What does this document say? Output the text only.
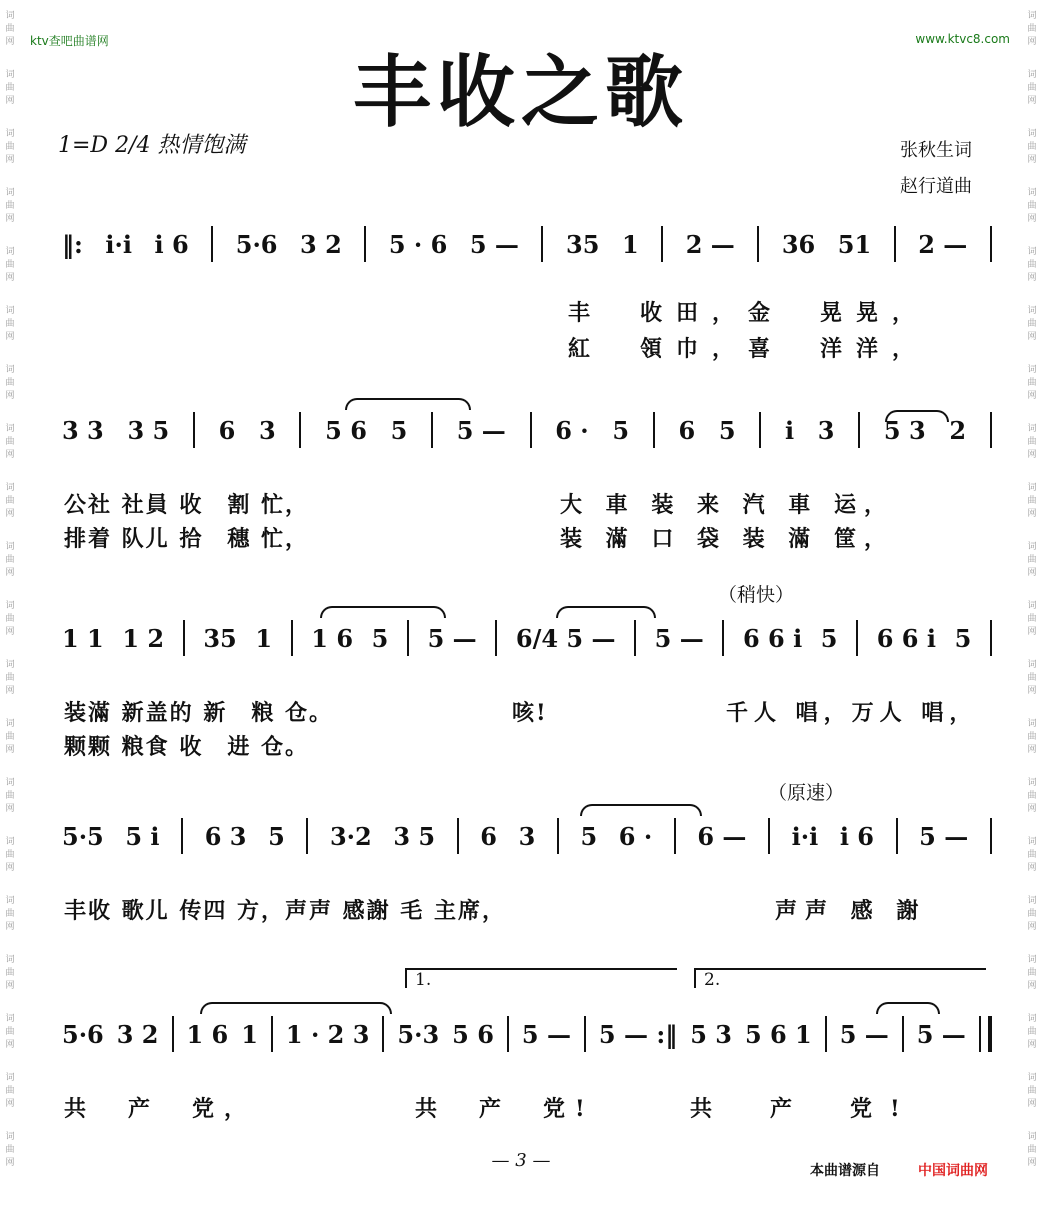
词
曲
网
词
曲
网
词
曲
网
词
曲
网
词
曲
网
词
曲
网
词
曲
网
词
曲
网
词
曲
网
词
曲
网
词
曲
网
词
曲
网
词
曲
网
词
曲
网
词
曲
网
词
曲
网
词
曲
网
词
曲
网
词
曲
网
词
曲
网
词
曲
网
词
曲
网
词
曲
网
词
曲
网
词
曲
网
词
曲
网
词
曲
网
词
曲
网
词
曲
网
词
曲
网
词
曲
网
词
曲
网
词
曲
网
词
曲
网
词
曲
网
词
曲
网
词
曲
网
词
曲
网
词
曲
网
词
曲
网
ktv查吧曲谱网	www.ktvc8.com
丰收之歌
1=D 2/4 热情饱满	张秋生词
赵行道曲
‖: i·i i 6 5·6 3 2 5 · 6 5 — 35 1 2 — 36 51 2 —
丰　收田，金　晃晃，
紅　領巾，喜　洋洋，
3 3 3 5 6 3 5 6 5 5 — 6 · 5 6 5 i 3 5 3 2
公社 社員 收　割 忙，
排着 队儿 拾　穗 忙，
大 車 装 来 汽 車 运，
装 滿 口 袋 装 滿 筐，
（稍快）
1 1 1 2 35 1 1 6 5 5 — 6/4 5 — 5 — 6 6 i 5 6 6 i 5
装滿 新盖的 新　粮 仓。
颗颗 粮食 收　进 仓。
咳!	千人 唱，万人 唱，
（原速）
5·5 5 i 6 3 5 3·2 3 5 6 3 5 6 · 6 — i·i i 6 5 —
丰收 歌儿 传四 方，声声 感謝 毛 主席，	声声 感 謝
1.	2.
5·6 3 2 1 6 1 1 · 2 3 5·3 5 6 5 — 5 — :‖ 5 3 5 6 1 5 — 5 —
共　产　党，	共　产　党!	共　产　党!
— 3 —	本曲谱源自	中国词曲网
